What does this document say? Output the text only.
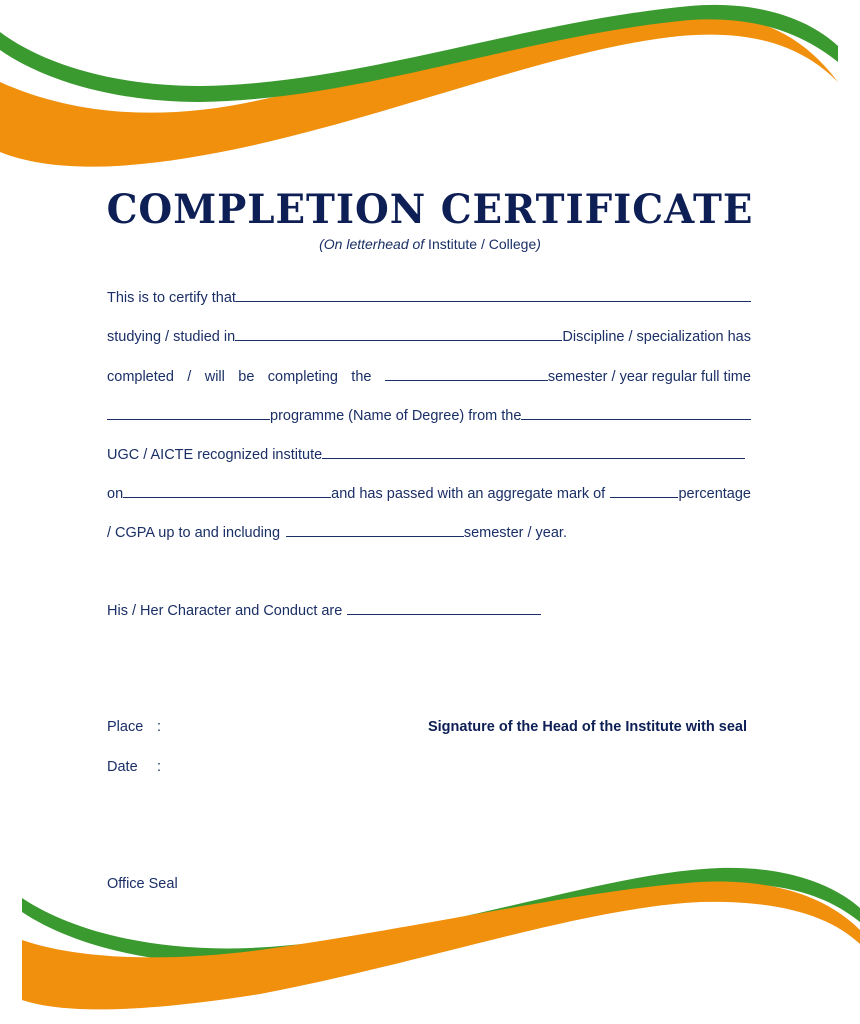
COMPLETION CERTIFICATE
(On letterhead of Institute / College)
This is to certify that
studying / studied in	Discipline / specialization has
completed / will be completing the	semester / year regular full time
programme (Name of Degree) from the
UGC / AICTE recognized institute
on	and has passed with an aggregate mark of	percentage
/ CGPA up to and including	semester / year.
His / Her Character and Conduct are
Place :
Date :
Signature of the Head of the Institute with seal
Office Seal
